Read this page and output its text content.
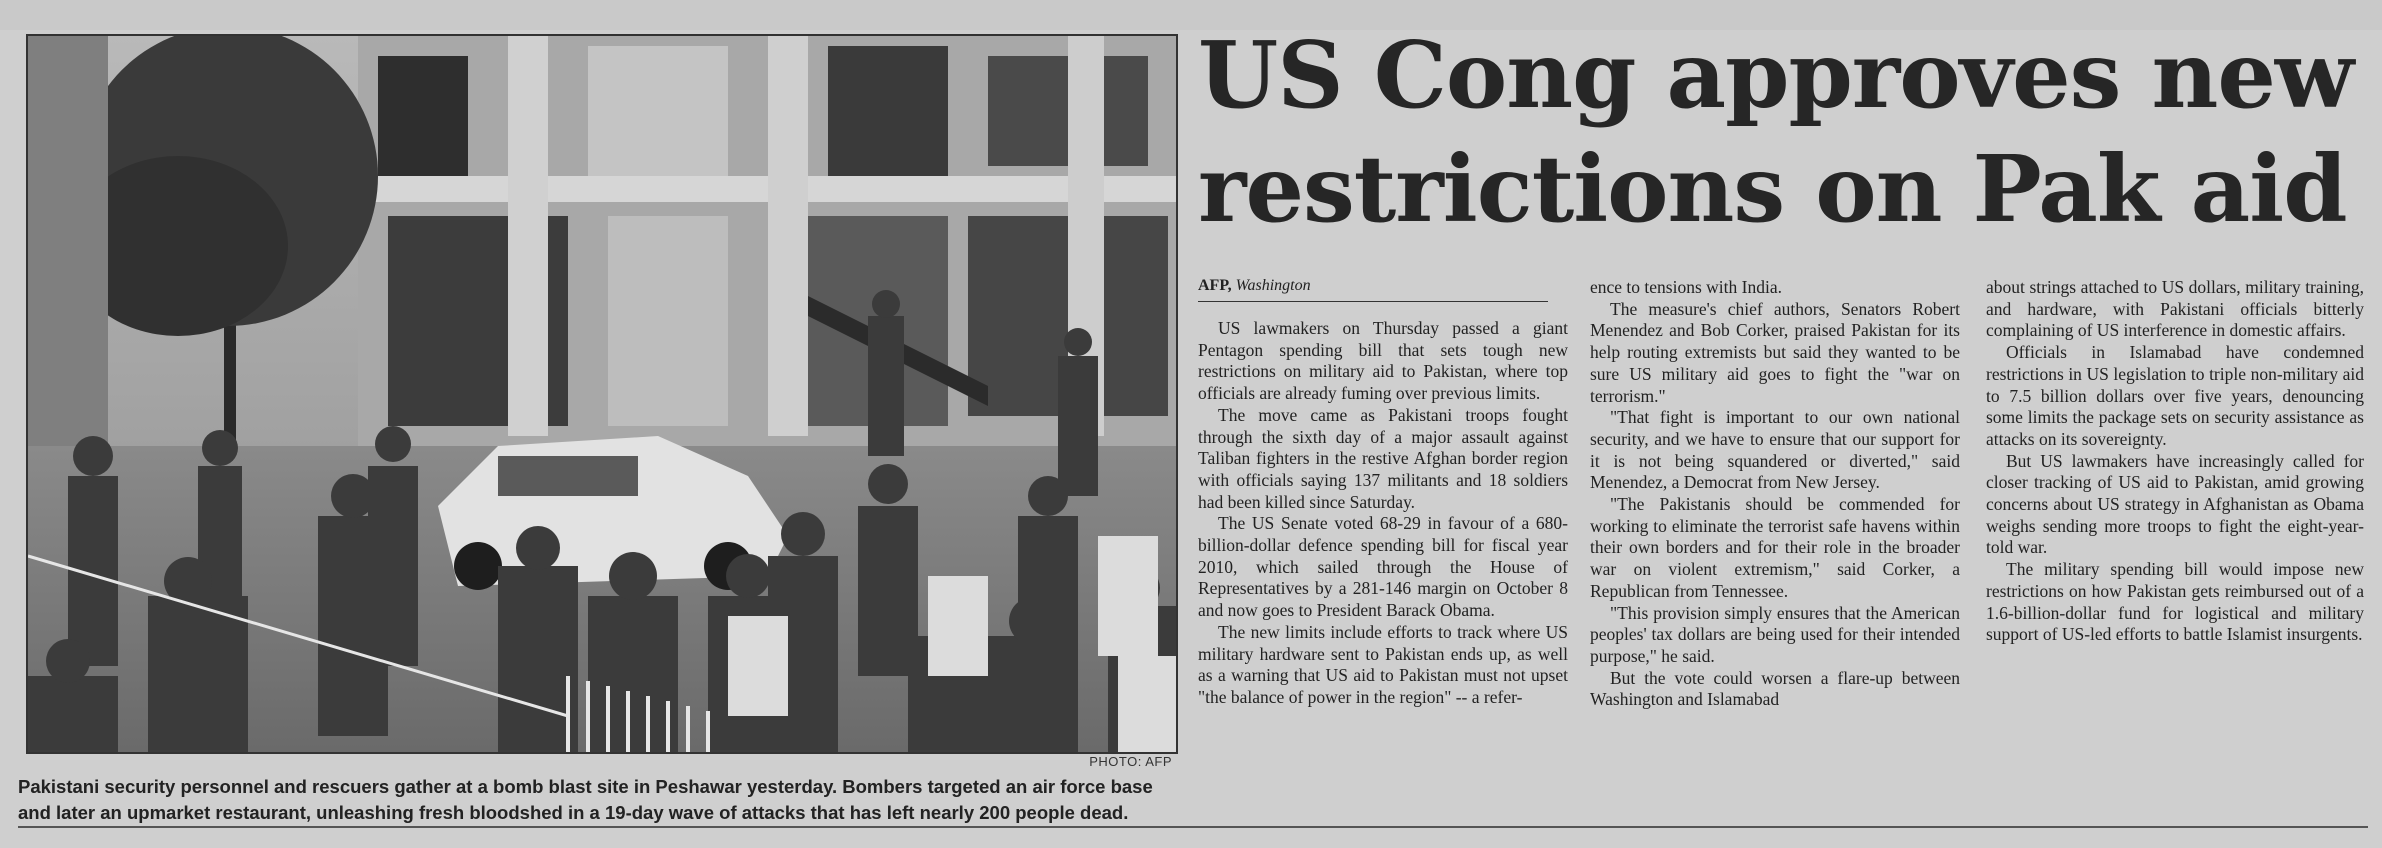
PHOTO: AFP
Pakistani security personnel and rescuers gather at a bomb blast site in Peshawar yesterday. Bombers targeted an air force base and later an upmarket restaurant, unleashing fresh bloodshed in a 19-day wave of attacks that has left nearly 200 people dead.
US Cong approves new restrictions on Pak aid
AFP, Washington

US lawmakers on Thursday passed a giant Pentagon spending bill that sets tough new restrictions on military aid to Pakistan, where top officials are already fuming over previous limits.

The move came as Pakistani troops fought through the sixth day of a major assault against Taliban fighters in the restive Afghan border region with officials saying 137 militants and 18 soldiers had been killed since Saturday.

The US Senate voted 68-29 in favour of a 680-billion-dollar defence spending bill for fiscal year 2010, which sailed through the House of Representatives by a 281-146 margin on October 8 and now goes to President Barack Obama.

The new limits include efforts to track where US military hardware sent to Pakistan ends up, as well as a warning that US aid to Pakistan must not upset "the balance of power in the region" -- a refer-

ence to tensions with India.

The measure's chief authors, Senators Robert Menendez and Bob Corker, praised Pakistan for its help routing extremists but said they wanted to be sure US military aid goes to fight the "war on terrorism."

"That fight is important to our own national security, and we have to ensure that our support for it is not being squandered or diverted," said Menendez, a Democrat from New Jersey.

"The Pakistanis should be commended for working to eliminate the terrorist safe havens within their own borders and for their role in the broader war on violent extremism," said Corker, a Republican from Tennessee.

"This provision simply ensures that the American peoples' tax dollars are being used for their intended purpose," he said.

But the vote could worsen a flare-up between Washington and Islamabad

about strings attached to US dollars, military training, and hardware, with Pakistani officials bitterly complaining of US interference in domestic affairs.

Officials in Islamabad have condemned restrictions in US legislation to triple non-military aid to 7.5 billion dollars over five years, denouncing some limits the package sets on security assistance as attacks on its sovereignty.

But US lawmakers have increasingly called for closer tracking of US aid to Pakistan, amid growing concerns about US strategy in Afghanistan as Obama weighs sending more troops to fight the eight-year-told war.

The military spending bill would impose new restrictions on how Pakistan gets reimbursed out of a 1.6-billion-dollar fund for logistical and military support of US-led efforts to battle Islamist insurgents.
